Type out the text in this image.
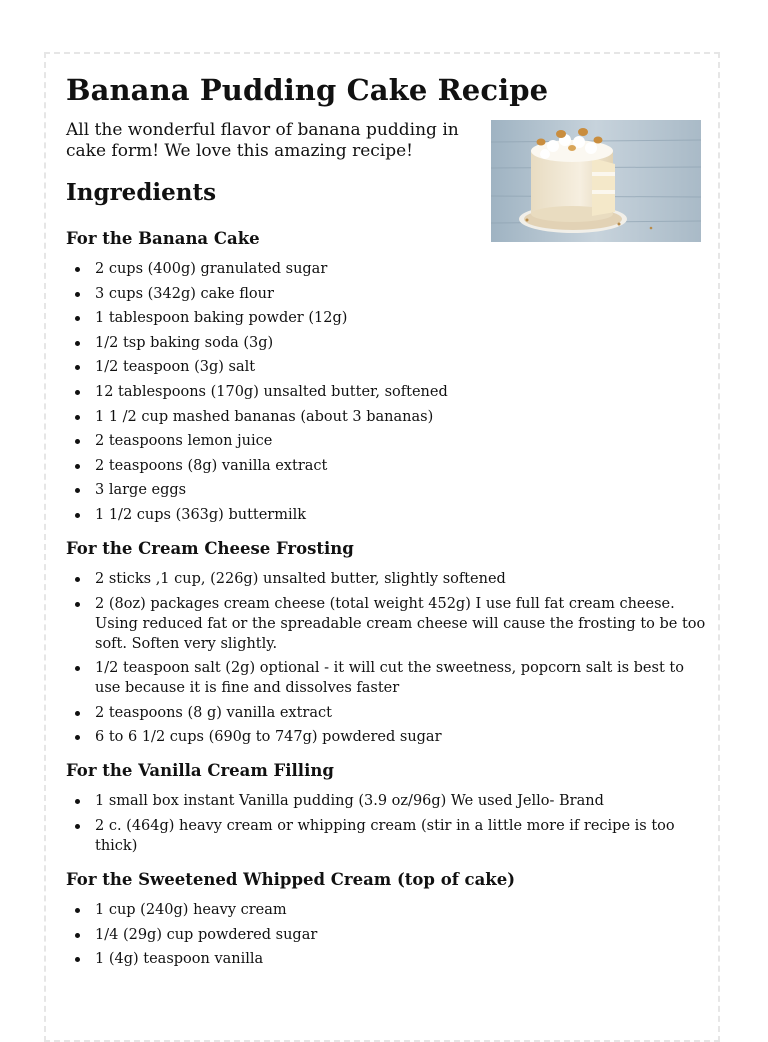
Banana Pudding Cake Recipe

All the wonderful flavor of banana pudding in cake form! We love this amazing recipe!

Ingredients
For the Banana Cake
2 cups (400g) granulated sugar
3 cups (342g) cake flour
1 tablespoon baking powder (12g)
1/2 tsp baking soda (3g)
1/2 teaspoon (3g) salt
12 tablespoons (170g) unsalted butter, softened
1 1 /2 cup mashed bananas (about 3 bananas)
2 teaspoons lemon juice
2 teaspoons (8g) vanilla extract
3 large eggs
1 1/2 cups (363g) buttermilk
For the Cream Cheese Frosting
2 sticks ,1 cup, (226g) unsalted butter, slightly softened
2 (8oz) packages cream cheese (total weight 452g) I use full fat cream cheese. Using reduced fat or the spreadable cream cheese will cause the frosting to be too soft. Soften very slightly.
1/2 teaspoon salt (2g) optional - it will cut the sweetness, popcorn salt is best to use because it is fine and dissolves faster
2 teaspoons (8 g) vanilla extract
6 to 6 1/2 cups (690g to 747g) powdered sugar
For the Vanilla Cream Filling
1 small box instant Vanilla pudding (3.9 oz/96g) We used Jello- Brand
2 c. (464g) heavy cream or whipping cream (stir in a little more if recipe is too thick)
For the Sweetened Whipped Cream (top of cake)
1 cup (240g) heavy cream
1/4 (29g) cup powdered sugar
1 (4g) teaspoon vanilla
